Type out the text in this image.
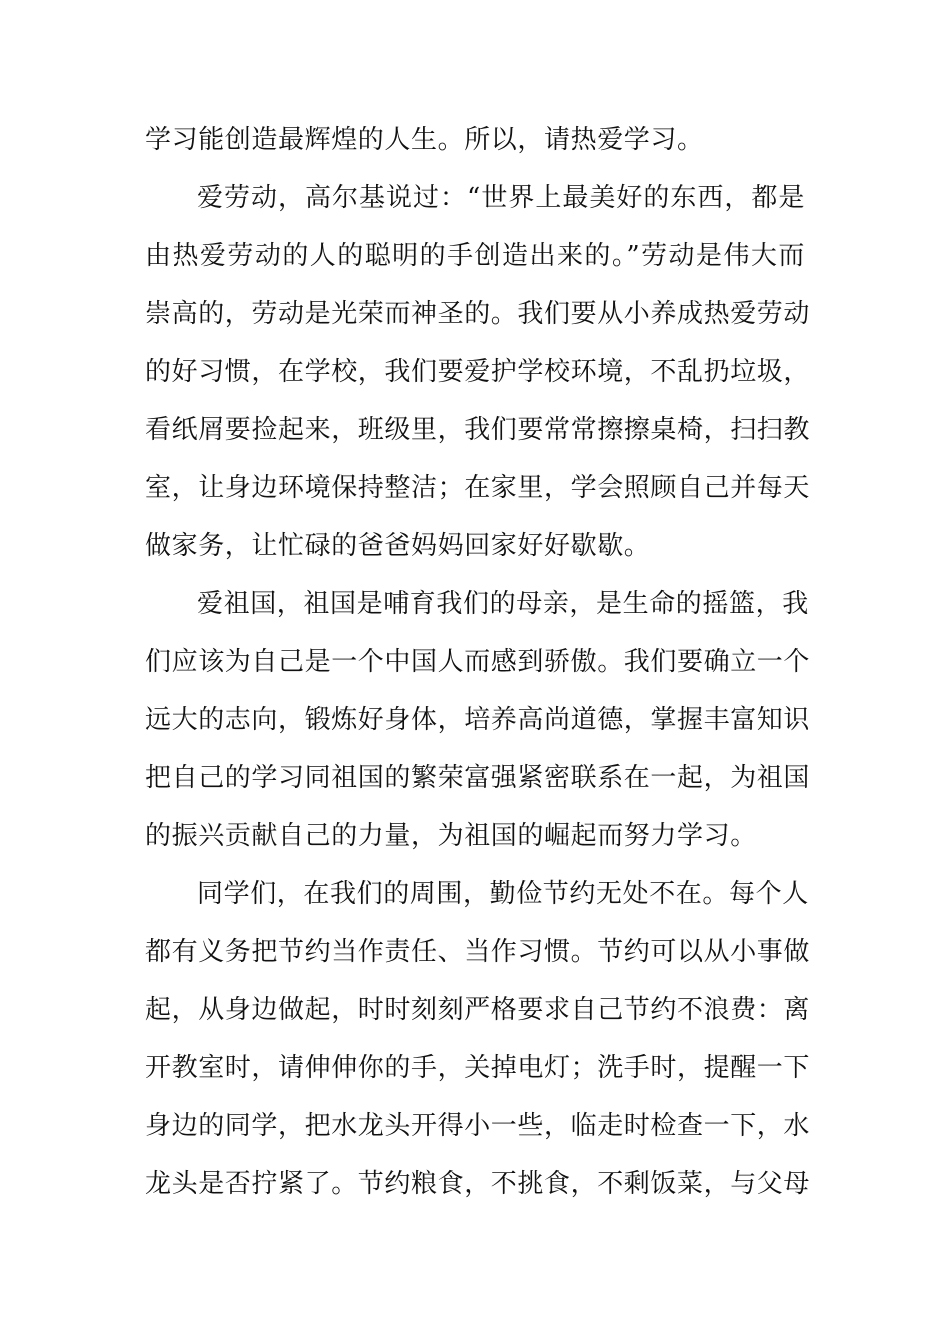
学习能创造最辉煌的人生。所以，请热爱学习。
爱劳动，高尔基说过：“世界上最美好的东西，都是
由热爱劳动的人的聪明的手创造出来的。”劳动是伟大而
崇高的，劳动是光荣而神圣的。我们要从小养成热爱劳动
的好习惯，在学校，我们要爱护学校环境，不乱扔垃圾，
看纸屑要捡起来，班级里，我们要常常擦擦桌椅，扫扫教
室，让身边环境保持整洁；在家里，学会照顾自己并每天
做家务，让忙碌的爸爸妈妈回家好好歇歇。
爱祖国，祖国是哺育我们的母亲，是生命的摇篮，我
们应该为自己是一个中国人而感到骄傲。我们要确立一个
远大的志向，锻炼好身体，培养高尚道德，掌握丰富知识
把自己的学习同祖国的繁荣富强紧密联系在一起，为祖国
的振兴贡献自己的力量，为祖国的崛起而努力学习。
同学们，在我们的周围，勤俭节约无处不在。每个人
都有义务把节约当作责任、当作习惯。节约可以从小事做
起，从身边做起，时时刻刻严格要求自己节约不浪费：离
开教室时，请伸伸你的手，关掉电灯；洗手时，提醒一下
身边的同学，把水龙头开得小一些，临走时检查一下，水
龙头是否拧紧了。节约粮食，不挑食，不剩饭菜，与父母
